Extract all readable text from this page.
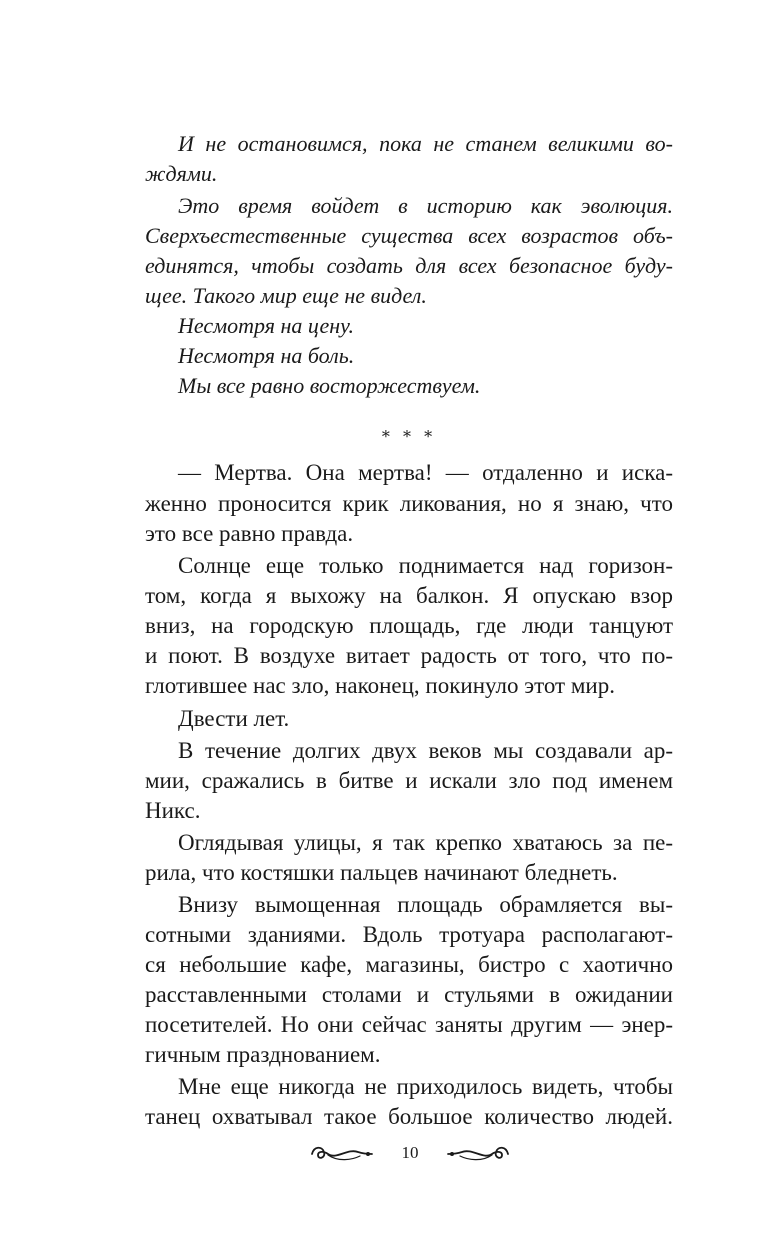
И не остановимся, пока не станем великими во-
ждями.
Это время войдет в историю как эволюция.
Сверхъестественные существа всех возрастов объ-
единятся, чтобы создать для всех безопасное буду-
щее. Такого мир еще не видел.
Несмотря на цену.
Несмотря на боль.
Мы все равно восторжествуем.
* * *
— Мертва. Она мертва! — отдаленно и иска-
женно проносится крик ликования, но я знаю, что
это все равно правда.
Солнце еще только поднимается над горизон-
том, когда я выхожу на балкон. Я опускаю взор
вниз, на городскую площадь, где люди танцуют
и поют. В воздухе витает радость от того, что по-
глотившее нас зло, наконец, покинуло этот мир.
Двести лет.
В течение долгих двух веков мы создавали ар-
мии, сражались в битве и искали зло под именем
Никс.
Оглядывая улицы, я так крепко хватаюсь за пе-
рила, что костяшки пальцев начинают бледнеть.
Внизу вымощенная площадь обрамляется вы-
сотными зданиями. Вдоль тротуара располагают-
ся небольшие кафе, магазины, бистро с хаотично
расставленными столами и стульями в ожидании
посетителей. Но они сейчас заняты другим — энер-
гичным празднованием.
Мне еще никогда не приходилось видеть, чтобы
танец охватывал такое большое количество людей.
10
